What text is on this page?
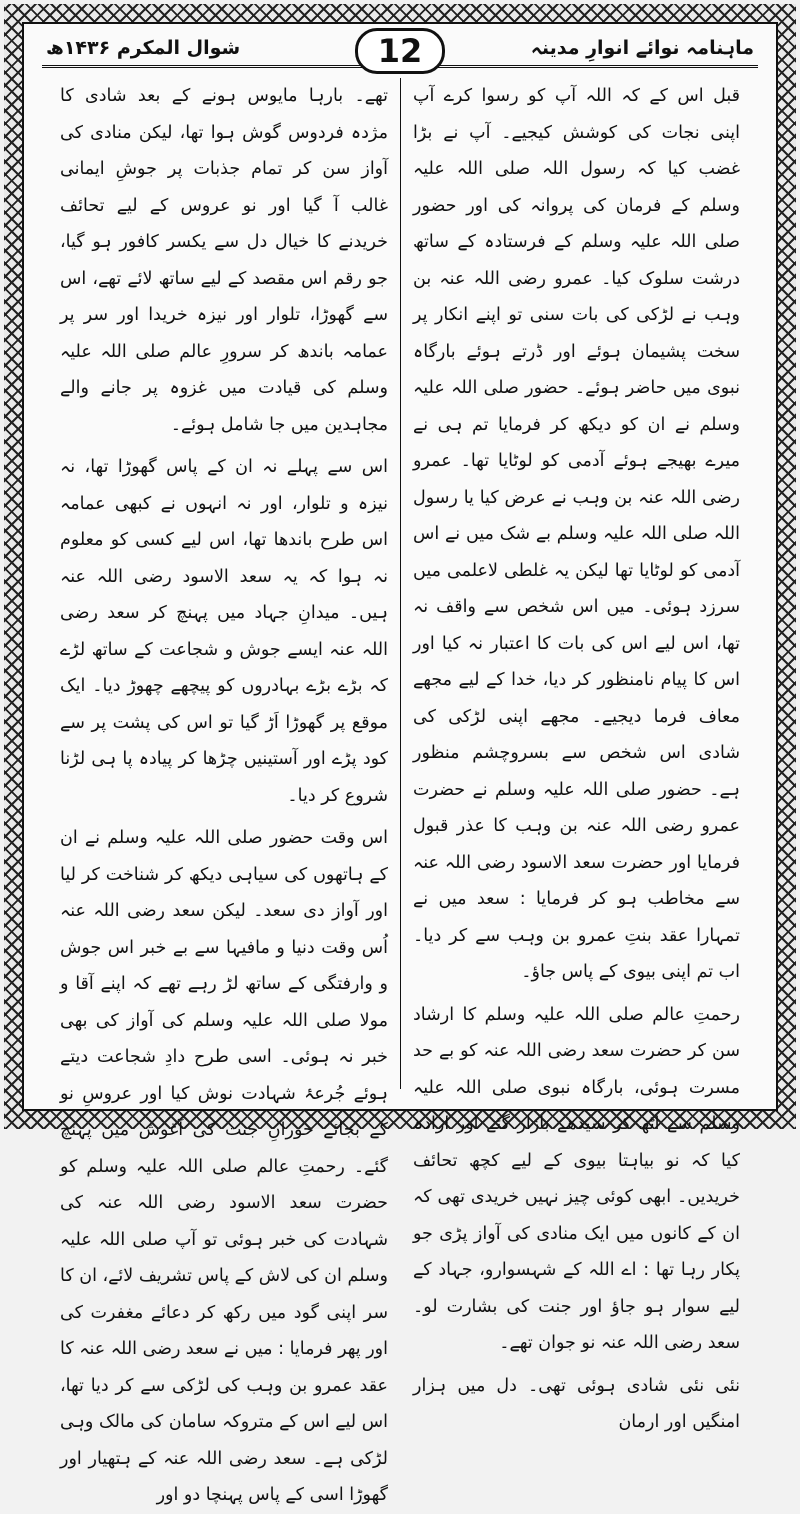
ماہنامہ نوائے انوارِ مدینہ
شوال المکرم ۱۴۳۶ھ	12

قبل اس کے کہ اللہ آپ کو رسوا کرے آپ اپنی نجات کی کوشش کیجیے۔ آپ نے بڑا غضب کیا کہ رسول اللہ صلی اللہ علیہ وسلم کے فرمان کی پروانہ کی اور حضور صلی اللہ علیہ وسلم کے فرستادہ کے ساتھ درشت سلوک کیا۔ عمرو رضی اللہ عنہ بن وہب نے لڑکی کی بات سنی تو اپنے انکار پر سخت پشیمان ہوئے اور ڈرتے ہوئے بارگاہ نبوی میں حاضر ہوئے۔ حضور صلی اللہ علیہ وسلم نے ان کو دیکھ کر فرمایا تم ہی نے میرے بھیجے ہوئے آدمی کو لوٹایا تھا۔ عمرو رضی اللہ عنہ بن وہب نے عرض کیا یا رسول اللہ صلی اللہ علیہ وسلم بے شک میں نے اس آدمی کو لوٹایا تھا لیکن یہ غلطی لاعلمی میں سرزد ہوئی۔ میں اس شخص سے واقف نہ تھا، اس لیے اس کی بات کا اعتبار نہ کیا اور اس کا پیام نامنظور کر دیا، خدا کے لیے مجھے معاف فرما دیجیے۔ مجھے اپنی لڑکی کی شادی اس شخص سے بسروچشم منظور ہے۔ حضور صلی اللہ علیہ وسلم نے حضرت عمرو رضی اللہ عنہ بن وہب کا عذر قبول فرمایا اور حضرت سعد الاسود رضی اللہ عنہ سے مخاطب ہو کر فرمایا : سعد میں نے تمہارا عقد بنتِ عمرو بن وہب سے کر دیا۔ اب تم اپنی بیوی کے پاس جاؤ۔

رحمتِ عالم صلی اللہ علیہ وسلم کا ارشاد سن کر حضرت سعد رضی اللہ عنہ کو بے حد مسرت ہوئی، بارگاہ نبوی صلی اللہ علیہ وسلم سے اٹھ کر سیدھے بازار گئے اور ارادہ کیا کہ نو بیاہتا بیوی کے لیے کچھ تحائف خریدیں۔ ابھی کوئی چیز نہیں خریدی تھی کہ ان کے کانوں میں ایک منادی کی آواز پڑی جو پکار رہا تھا : اے اللہ کے شہسوارو، جہاد کے لیے سوار ہو جاؤ اور جنت کی بشارت لو۔ سعد رضی اللہ عنہ نو جوان تھے۔

نئی نئی شادی ہوئی تھی۔ دل میں ہزار امنگیں اور ارمان

تھے۔ بارہا مایوس ہونے کے بعد شادی کا مژدہ فردوس گوش ہوا تھا، لیکن منادی کی آواز سن کر تمام جذبات پر جوشِ ایمانی غالب آ گیا اور نو عروس کے لیے تحائف خریدنے کا خیال دل سے یکسر کافور ہو گیا، جو رقم اس مقصد کے لیے ساتھ لائے تھے، اس سے گھوڑا، تلوار اور نیزہ خریدا اور سر پر عمامہ باندھ کر سرورِ عالم صلی اللہ علیہ وسلم کی قیادت میں غزوہ پر جانے والے مجاہدین میں جا شامل ہوئے۔

اس سے پہلے نہ ان کے پاس گھوڑا تھا، نہ نیزہ و تلوار، اور نہ انہوں نے کبھی عمامہ اس طرح باندھا تھا، اس لیے کسی کو معلوم نہ ہوا کہ یہ سعد الاسود رضی اللہ عنہ ہیں۔ میدانِ جہاد میں پہنچ کر سعد رضی اللہ عنہ ایسے جوش و شجاعت کے ساتھ لڑے کہ بڑے بڑے بہادروں کو پیچھے چھوڑ دیا۔ ایک موقع پر گھوڑا اَڑ گیا تو اس کی پشت پر سے کود پڑے اور آستینیں چڑھا کر پیادہ پا ہی لڑنا شروع کر دیا۔

اس وقت حضور صلی اللہ علیہ وسلم نے ان کے ہاتھوں کی سیاہی دیکھ کر شناخت کر لیا اور آواز دی سعد۔ لیکن سعد رضی اللہ عنہ اُس وقت دنیا و مافیہا سے بے خبر اس جوش و وارفتگی کے ساتھ لڑ رہے تھے کہ اپنے آقا و مولا صلی اللہ علیہ وسلم کی آواز کی بھی خبر نہ ہوئی۔ اسی طرح دادِ شجاعت دیتے ہوئے جُرعۂ شہادت نوش کیا اور عروسِ نو کے بجائے حورانِ جنت کی آغوش میں پہنچ گئے۔ رحمتِ عالم صلی اللہ علیہ وسلم کو حضرت سعد الاسود رضی اللہ عنہ کی شہادت کی خبر ہوئی تو آپ صلی اللہ علیہ وسلم ان کی لاش کے پاس تشریف لائے، ان کا سر اپنی گود میں رکھ کر دعائے مغفرت کی اور پھر فرمایا : میں نے سعد رضی اللہ عنہ کا عقد عمرو بن وہب کی لڑکی سے کر دیا تھا، اس لیے اس کے متروکہ سامان کی مالک وہی لڑکی ہے۔ سعد رضی اللہ عنہ کے ہتھیار اور گھوڑا اسی کے پاس پہنچا دو اور
